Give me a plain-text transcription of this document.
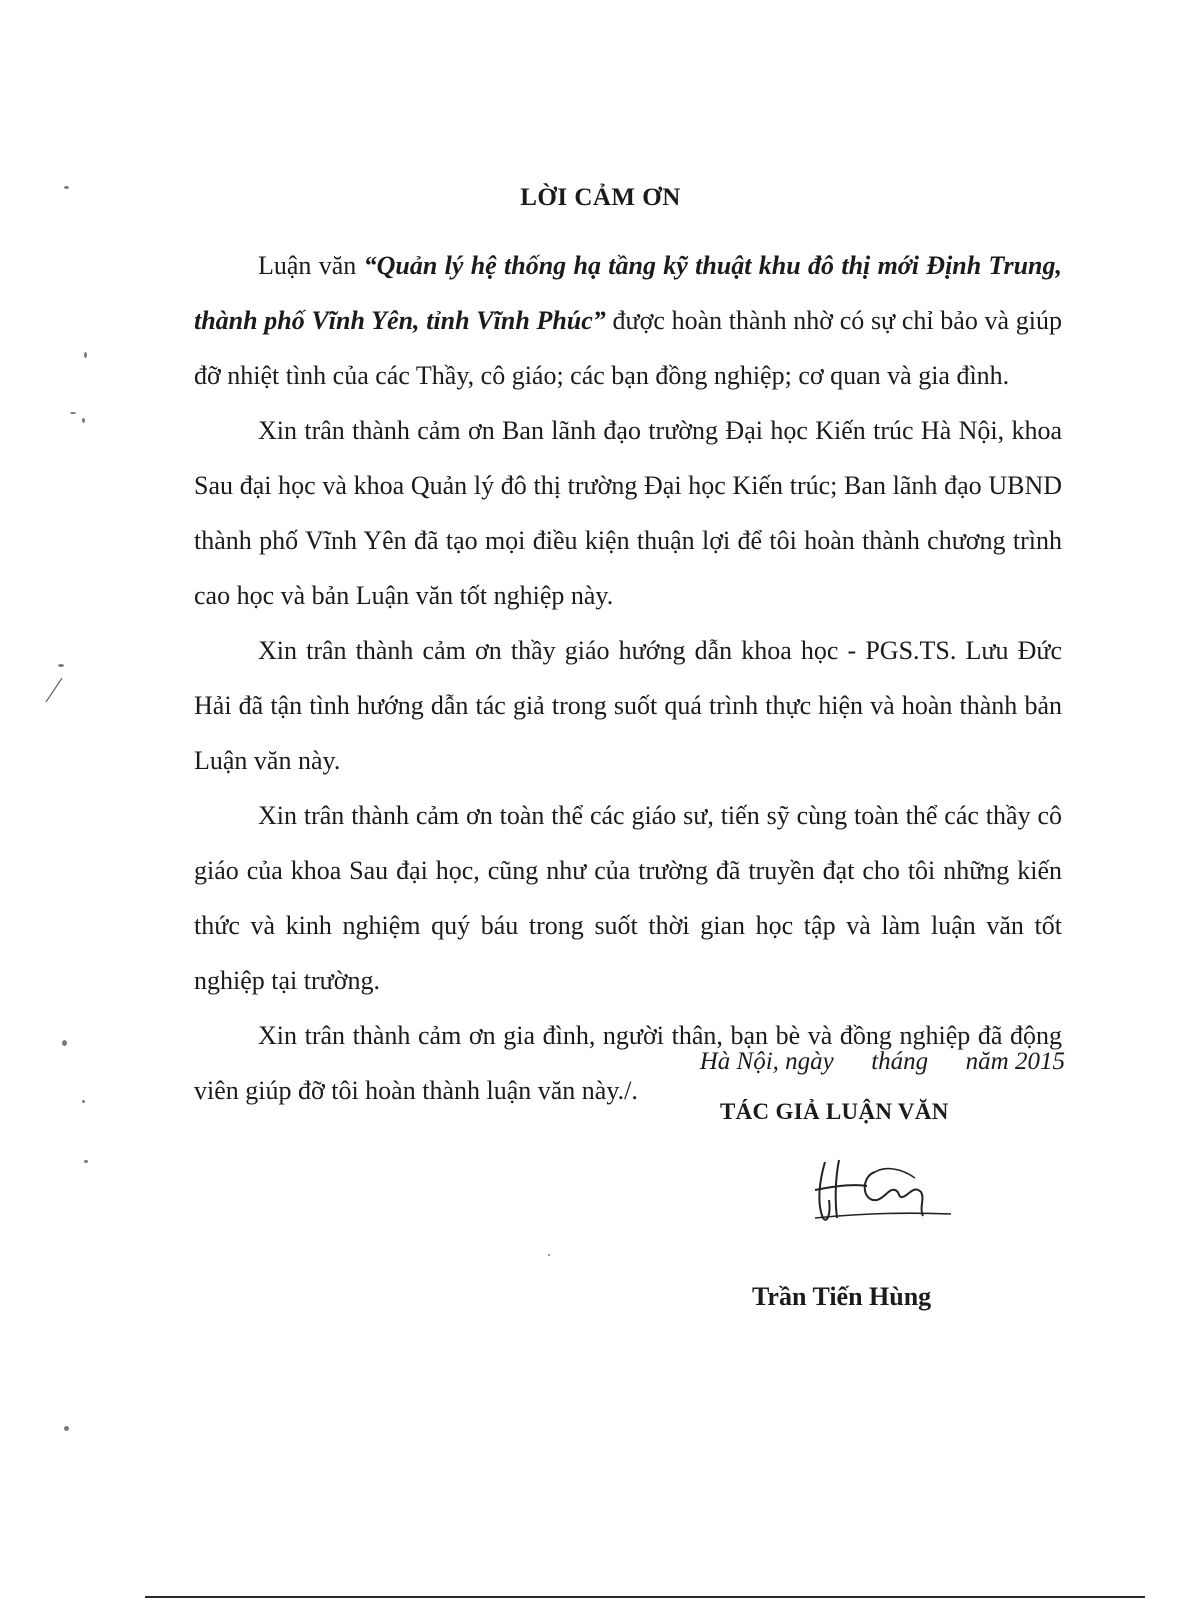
LỜI CẢM ƠN

Luận văn “Quản lý hệ thống hạ tầng kỹ thuật khu đô thị mới Định Trung, thành phố Vĩnh Yên, tỉnh Vĩnh Phúc” được hoàn thành nhờ có sự chỉ bảo và giúp đỡ nhiệt tình của các Thầy, cô giáo; các bạn đồng nghiệp; cơ quan và gia đình.

Xin trân thành cảm ơn Ban lãnh đạo trường Đại học Kiến trúc Hà Nội, khoa Sau đại học và khoa Quản lý đô thị trường Đại học Kiến trúc; Ban lãnh đạo UBND thành phố Vĩnh Yên đã tạo mọi điều kiện thuận lợi để tôi hoàn thành chương trình cao học và bản Luận văn tốt nghiệp này.

Xin trân thành cảm ơn thầy giáo hướng dẫn khoa học - PGS.TS. Lưu Đức Hải đã tận tình hướng dẫn tác giả trong suốt quá trình thực hiện và hoàn thành bản Luận văn này.

Xin trân thành cảm ơn toàn thể các giáo sư, tiến sỹ cùng toàn thể các thầy cô giáo của khoa Sau đại học, cũng như của trường đã truyền đạt cho tôi những kiến thức và kinh nghiệm quý báu trong suốt thời gian học tập và làm luận văn tốt nghiệp tại trường.

Xin trân thành cảm ơn gia đình, người thân, bạn bè và đồng nghiệp đã động viên giúp đỡ tôi hoàn thành luận văn này./.

Hà Nội, ngày      tháng      năm 2015
TÁC GIẢ LUẬN VĂN
Trần Tiến Hùng
